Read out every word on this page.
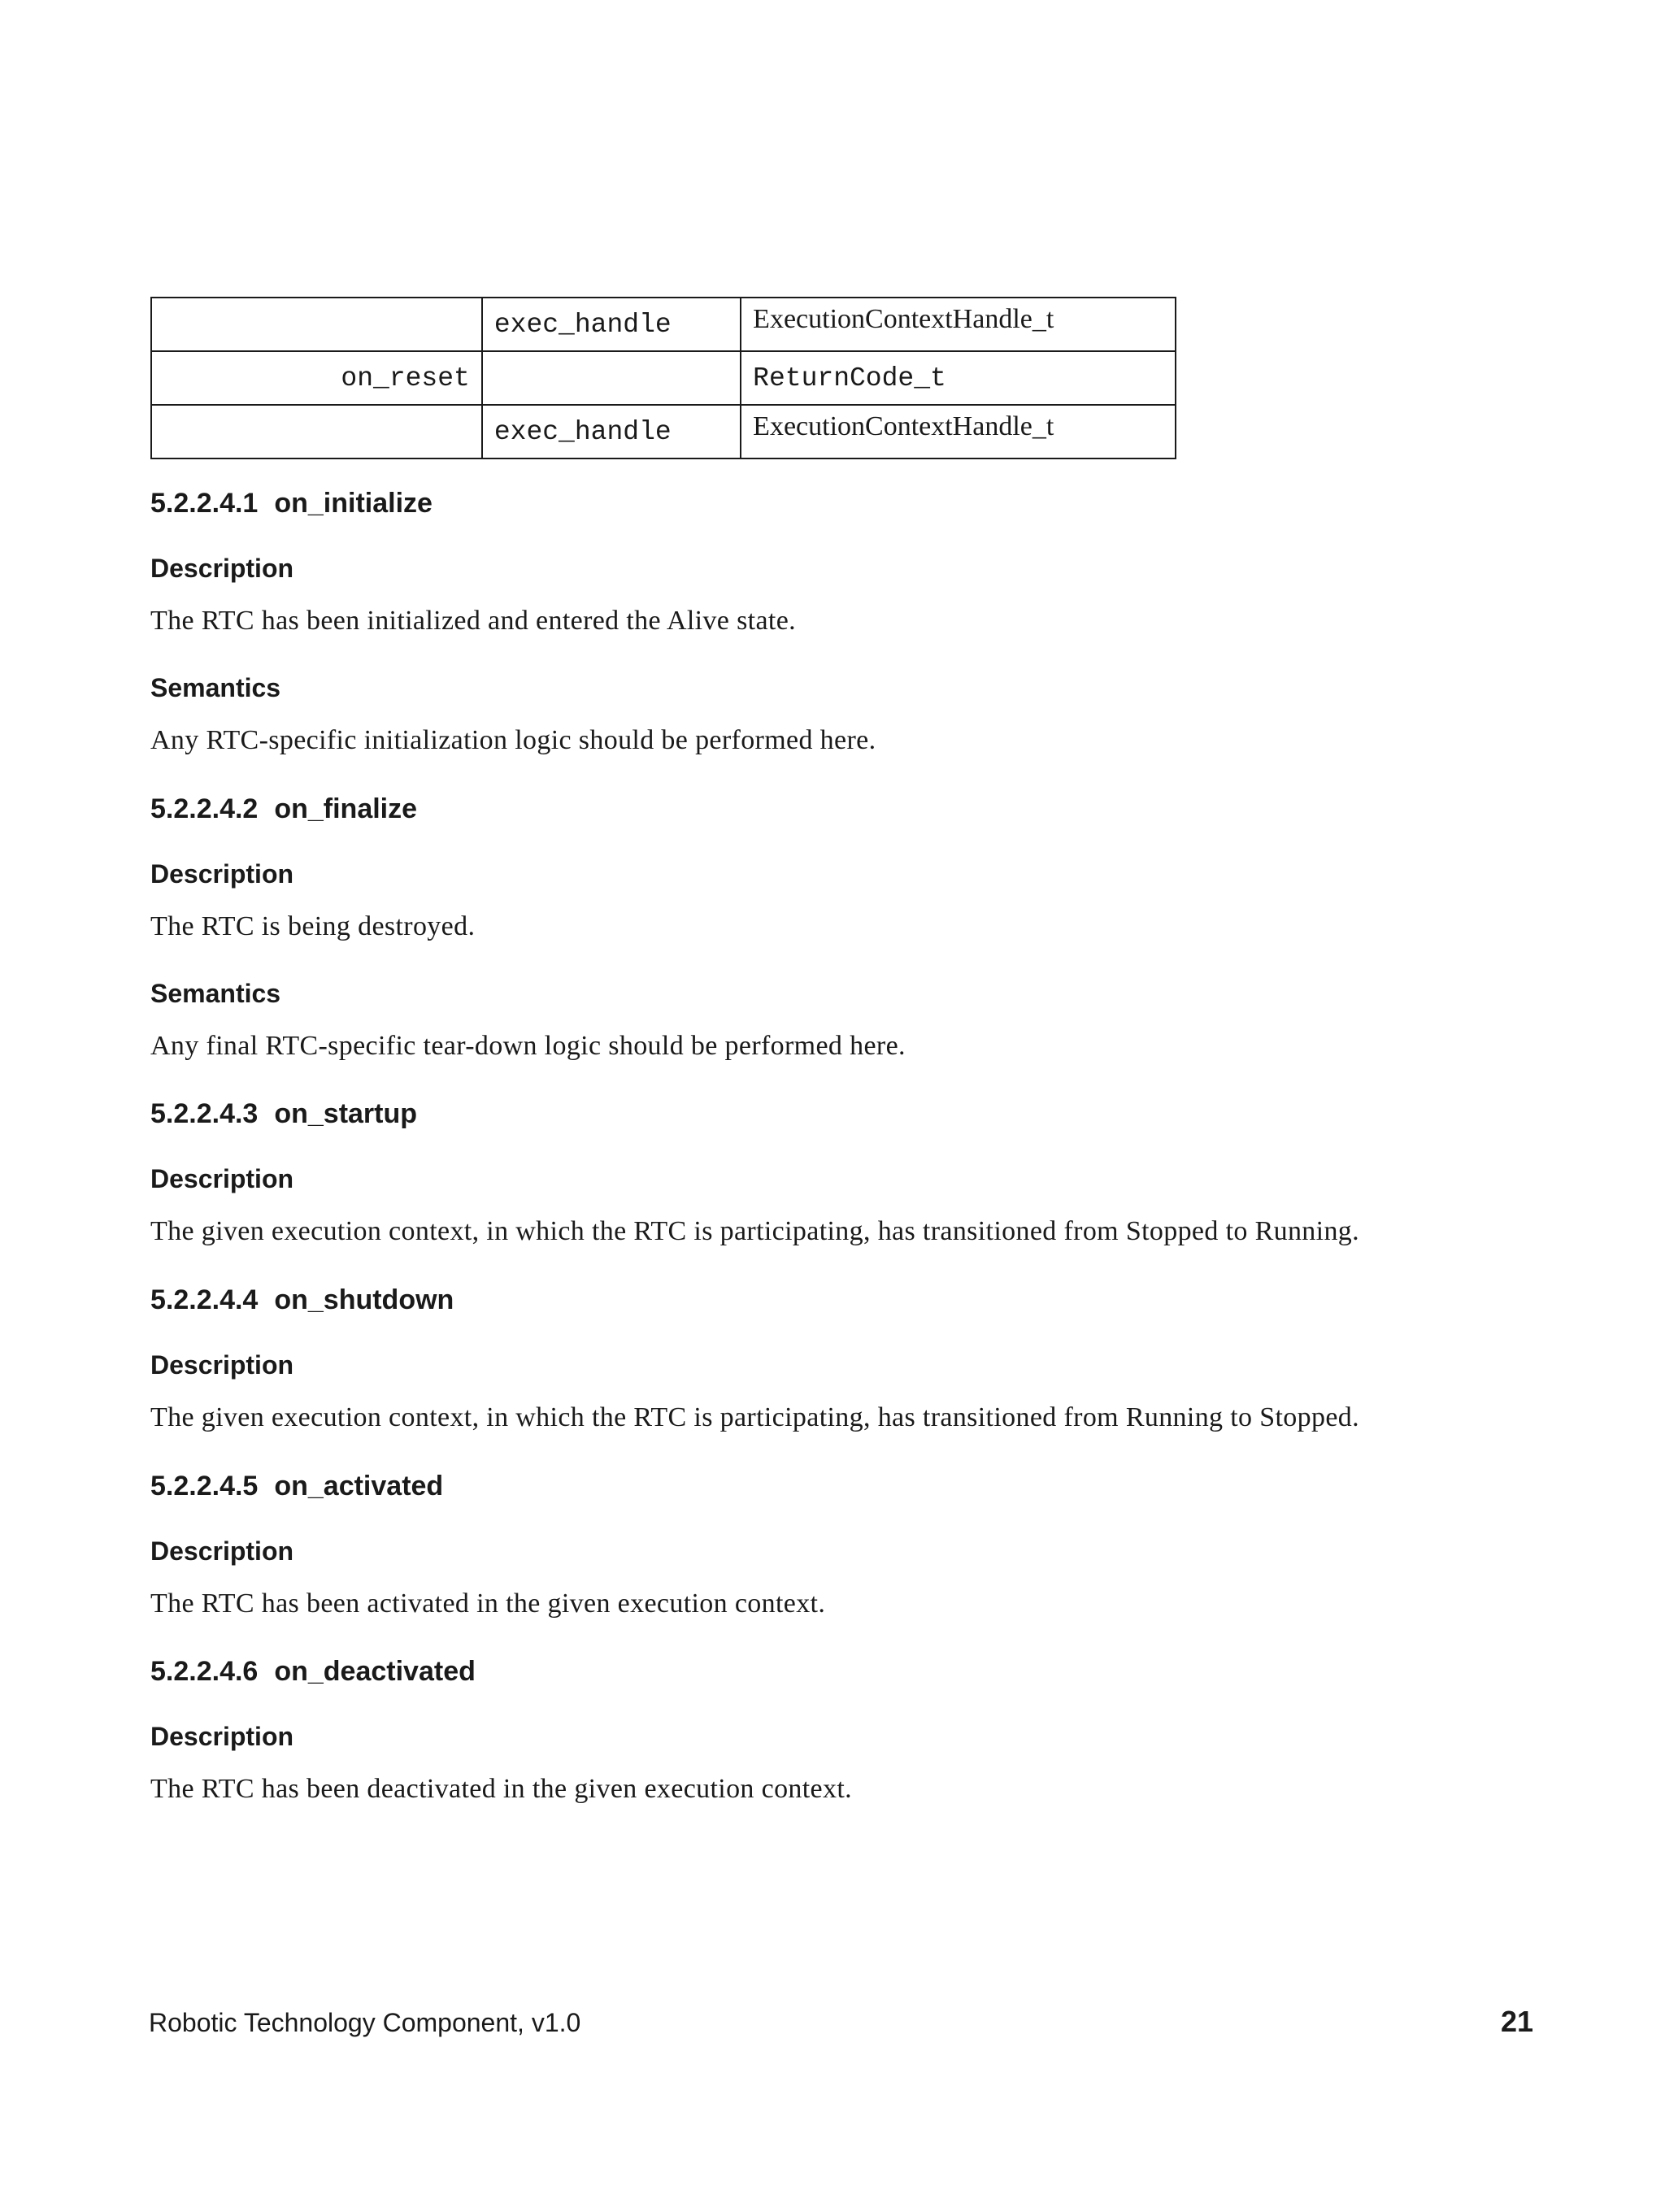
	exec_handle	ExecutionContextHandle_t
on_reset		ReturnCode_t
	exec_handle	ExecutionContextHandle_t
5.2.2.4.1 on_initialize

Description

The RTC has been initialized and entered the Alive state.

Semantics

Any RTC-specific initialization logic should be performed here.

5.2.2.4.2 on_finalize

Description

The RTC is being destroyed.

Semantics

Any final RTC-specific tear-down logic should be performed here.

5.2.2.4.3 on_startup

Description

The given execution context, in which the RTC is participating, has transitioned from Stopped to Running.

5.2.2.4.4 on_shutdown

Description

The given execution context, in which the RTC is participating, has transitioned from Running to Stopped.

5.2.2.4.5 on_activated

Description

The RTC has been activated in the given execution context.

5.2.2.4.6 on_deactivated

Description

The RTC has been deactivated in the given execution context.

Robotic Technology Component, v1.0	21
